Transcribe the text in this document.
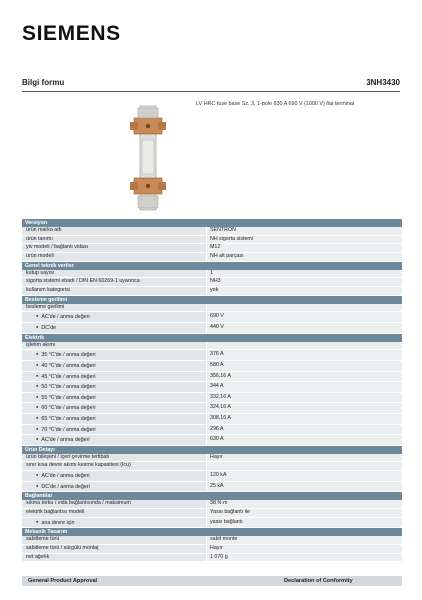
SIEMENS
Bilgi formu	3NH3430
LV HRC fuse base Sz. 3, 1-pole 630 A 690 V (1000 V) flat terminal
Versiyon	
ürün marka adı	SENTRON
ürün tanımı	NH sigorta sistemi
yiv modeli / bağlantı vidası	M12
ürün modeli	NH alt parçası
Genel teknik veriler	
kutup sayısı	1
sigorta sistemi ebadı / DIN EN 60269-1 uyarınca	NH3
kullanım kategorisi	yok
Besleme gerilimi	
besleme gerilimi	
● AC'de / anma değeri	690 V
● DC'de	440 V
Elektrik	
işletim akımı	
● 35 °C'de / anma değeri	376 A
● 40 °C'de / anma değeri	580 A
● 45 °C'de / anma değeri	356,16 A
● 50 °C'de / anma değeri	344 A
● 55 °C'de / anma değeri	332,16 A
● 60 °C'de / anma değeri	324,16 A
● 65 °C'de / anma değeri	308,16 A
● 70 °C'de / anma değeri	296 A
● AC'de / anma değeri	630 A
Ürün Detayı	
ürün bileşeni / içeri çevirme tertibatı	Hayır
sınır kısa devre akımı kesme kapasitesi (Icu)	
● AC'de / anma değeri	120 kA
● DC'de / anma değeri	25 kA
Bağlantılar	
sıkma torku / vida bağlantısında / maksimum	38 N·m
elektrik bağlantısı modeli	Yassı bağlantı ile
● ana devre için	yassı bağlantı
Mekanik Tasarım	
sabitleme türü	sabit monte
sabitleme türü / sürgülü montaj	Hayır
net ağırlık	1 070 g
General Product Approval	Declaration of Conformity
